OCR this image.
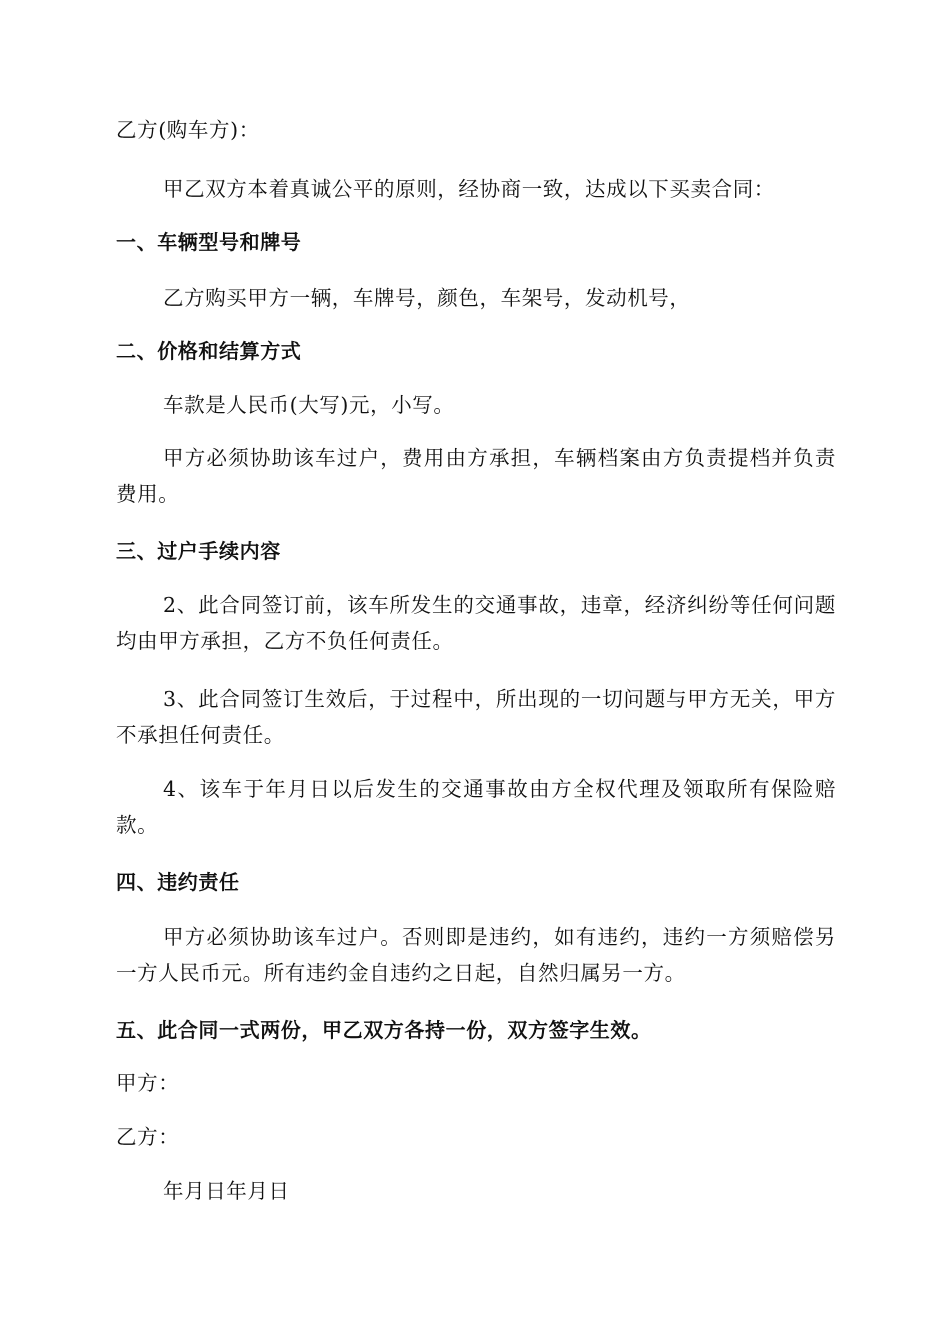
乙方(购车方)：
甲乙双方本着真诚公平的原则，经协商一致，达成以下买卖合同：
一、车辆型号和牌号
乙方购买甲方一辆，车牌号，颜色，车架号，发动机号，
二、价格和结算方式
车款是人民币(大写)元，小写。
甲方必须协助该车过户，费用由方承担，车辆档案由方负责提档并负责费用。
三、过户手续内容
2、此合同签订前，该车所发生的交通事故，违章，经济纠纷等任何问题均由甲方承担，乙方不负任何责任。
3、此合同签订生效后，于过程中，所出现的一切问题与甲方无关，甲方不承担任何责任。
4、该车于年月日以后发生的交通事故由方全权代理及领取所有保险赔款。
四、违约责任
甲方必须协助该车过户。否则即是违约，如有违约，违约一方须赔偿另一方人民币元。所有违约金自违约之日起，自然归属另一方。
五、此合同一式两份，甲乙双方各持一份，双方签字生效。
甲方：
乙方：
年月日年月日
